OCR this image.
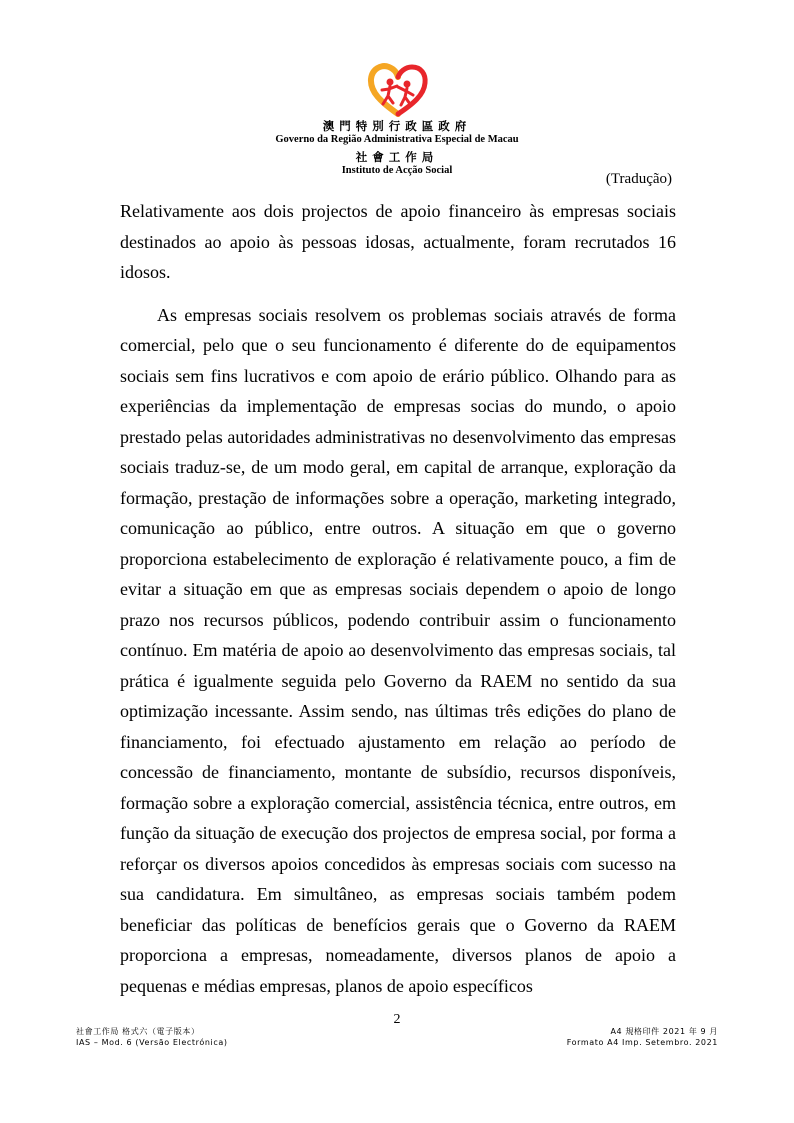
澳門特別行政區政府
Governo da Região Administrativa Especial de Macau
社會工作局
Instituto de Acção Social
(Tradução)

Relativamente aos dois projectos de apoio financeiro às empresas sociais destinados ao apoio às pessoas idosas, actualmente, foram recrutados 16 idosos.

As empresas sociais resolvem os problemas sociais através de forma comercial, pelo que o seu funcionamento é diferente do de equipamentos sociais sem fins lucrativos e com apoio de erário público. Olhando para as experiências da implementação de empresas socias do mundo, o apoio prestado pelas autoridades administrativas no desenvolvimento das empresas sociais traduz-se, de um modo geral, em capital de arranque, exploração da formação, prestação de informações sobre a operação, marketing integrado, comunicação ao público, entre outros. A situação em que o governo proporciona estabelecimento de exploração é relativamente pouco, a fim de evitar a situação em que as empresas sociais dependem o apoio de longo prazo nos recursos públicos, podendo contribuir assim o funcionamento contínuo. Em matéria de apoio ao desenvolvimento das empresas sociais, tal prática é igualmente seguida pelo Governo da RAEM no sentido da sua optimização incessante. Assim sendo, nas últimas três edições do plano de financiamento, foi efectuado ajustamento em relação ao período de concessão de financiamento, montante de subsídio, recursos disponíveis, formação sobre a exploração comercial, assistência técnica, entre outros, em função da situação de execução dos projectos de empresa social, por forma a reforçar os diversos apoios concedidos às empresas sociais com sucesso na sua candidatura. Em simultâneo, as empresas sociais também podem beneficiar das políticas de benefícios gerais que o Governo da RAEM proporciona a empresas, nomeadamente, diversos planos de apoio a pequenas e médias empresas, planos de apoio específicos

2
社會工作局 格式六（電子版本）
IAS – Mod. 6 (Versão Electrónica)
A4 規格印件 2021 年 9 月
Formato A4 Imp. Setembro. 2021
